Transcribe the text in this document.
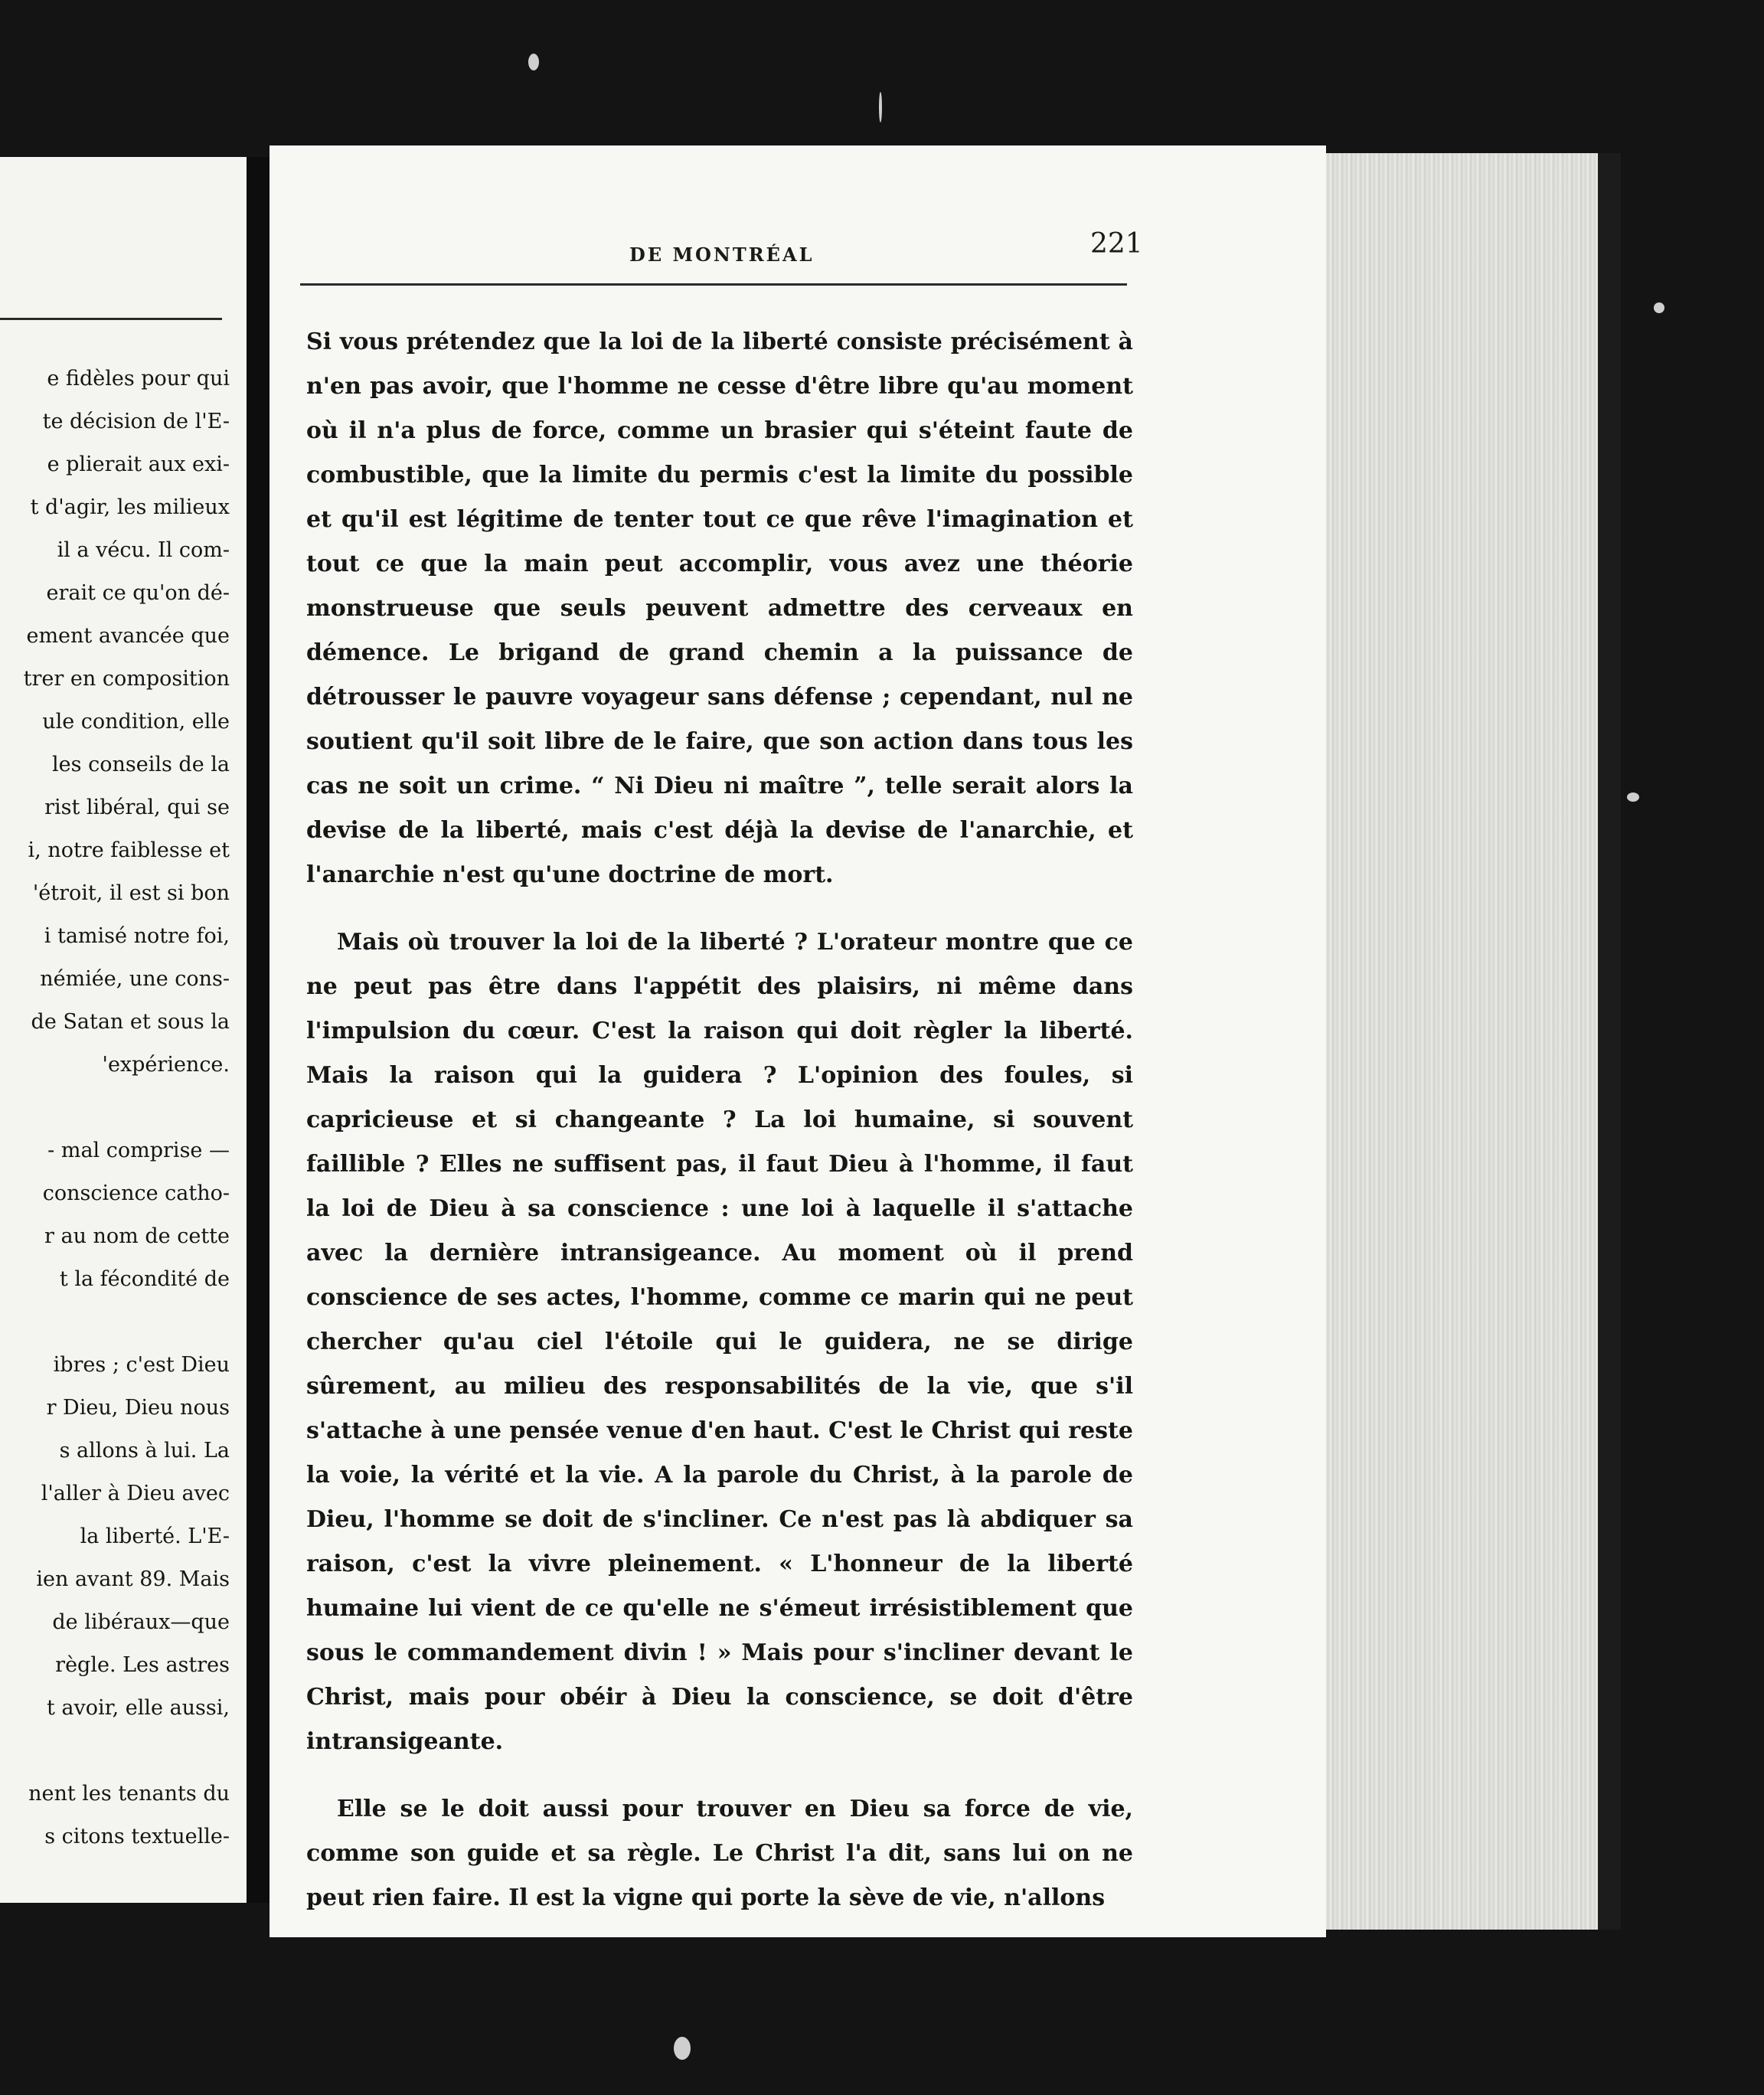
e fidèles pour qui
te décision de l'E-
e plierait aux exi-
t d'agir, les milieux
il a vécu. Il com-
erait ce qu'on dé-
ement avancée que
trer en composition
ule condition, elle
les conseils de la
rist libéral, qui se
i, notre faiblesse et
'étroit, il est si bon
i tamisé notre foi,
némiée, une cons-
de Satan et sous la
'expérience.
- mal comprise —
conscience catho-
r au nom de cette
t la fécondité de
ibres ; c'est Dieu
r Dieu, Dieu nous
s allons à lui. La
l'aller à Dieu avec
la liberté. L'E-
ien avant 89. Mais
de libéraux—que
règle. Les astres
t avoir, elle aussi,
nent les tenants du
s citons textuelle-
DE MONTRÉAL	221

Si vous prétendez que la loi de la liberté consiste précisément à n'en pas avoir, que l'homme ne cesse d'être libre qu'au moment où il n'a plus de force, comme un brasier qui s'éteint faute de combustible, que la limite du permis c'est la limite du possible et qu'il est légitime de tenter tout ce que rêve l'imagination et tout ce que la main peut accomplir, vous avez une théorie monstrueuse que seuls peuvent admettre des cerveaux en démence. Le brigand de grand chemin a la puissance de détrousser le pauvre voyageur sans défense ; cependant, nul ne soutient qu'il soit libre de le faire, que son action dans tous les cas ne soit un crime. “ Ni Dieu ni maître ”, telle serait alors la devise de la liberté, mais c'est déjà la devise de l'anarchie, et l'anarchie n'est qu'une doctrine de mort.

Mais où trouver la loi de la liberté ? L'orateur montre que ce ne peut pas être dans l'appétit des plaisirs, ni même dans l'impulsion du cœur. C'est la raison qui doit règler la liberté. Mais la raison qui la guidera ? L'opinion des foules, si capricieuse et si changeante ? La loi humaine, si souvent faillible ? Elles ne suffisent pas, il faut Dieu à l'homme, il faut la loi de Dieu à sa conscience : une loi à laquelle il s'attache avec la dernière intransigeance. Au moment où il prend conscience de ses actes, l'homme, comme ce marin qui ne peut chercher qu'au ciel l'étoile qui le guidera, ne se dirige sûrement, au milieu des responsabilités de la vie, que s'il s'attache à une pensée venue d'en haut. C'est le Christ qui reste la voie, la vérité et la vie. A la parole du Christ, à la parole de Dieu, l'homme se doit de s'incliner. Ce n'est pas là abdiquer sa raison, c'est la vivre pleinement. « L'honneur de la liberté humaine lui vient de ce qu'elle ne s'émeut irrésistiblement que sous le commandement divin ! » Mais pour s'incliner devant le Christ, mais pour obéir à Dieu la conscience, se doit d'être intransigeante.

Elle se le doit aussi pour trouver en Dieu sa force de vie, comme son guide et sa règle. Le Christ l'a dit, sans lui on ne peut rien faire. Il est la vigne qui porte la sève de vie, n'allons
